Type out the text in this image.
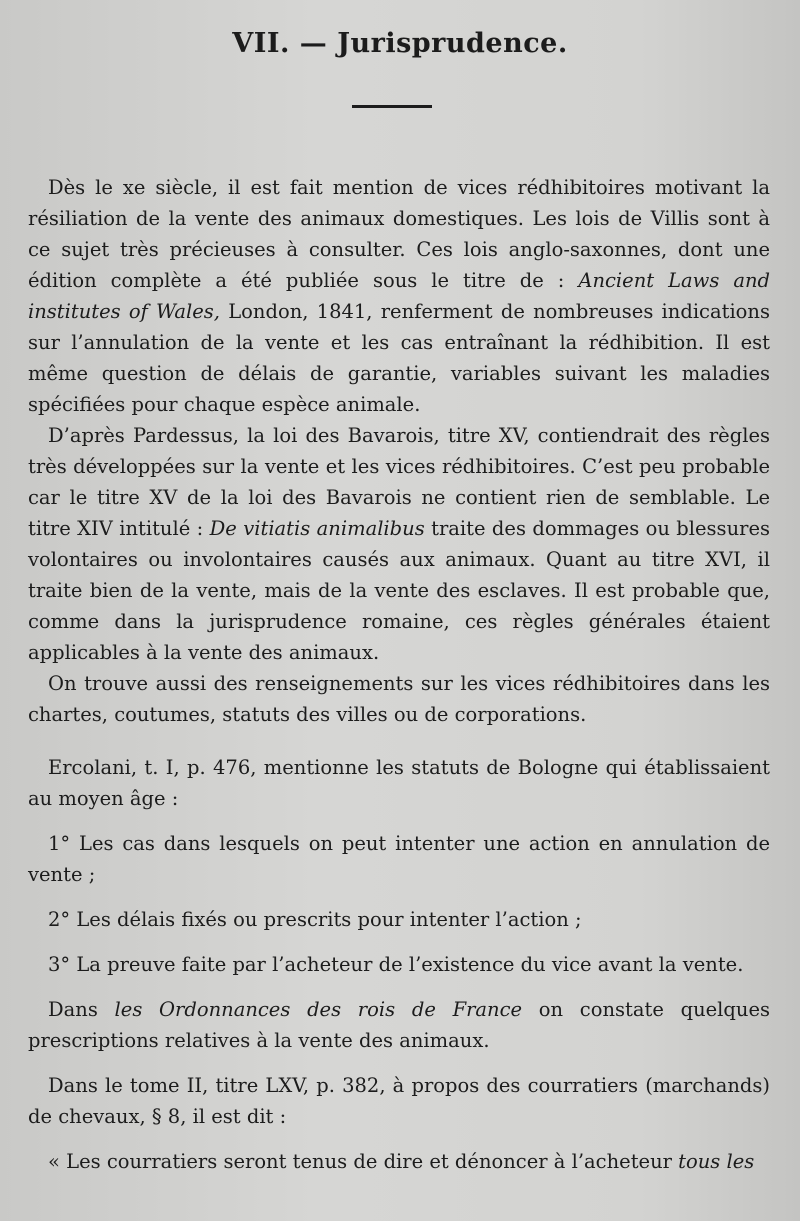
VII. — Jurisprudence.

Dès le xe siècle, il est fait mention de vices rédhibitoires motivant la résiliation de la vente des animaux domestiques. Les lois de Villis sont à ce sujet très précieuses à consulter. Ces lois anglo-saxonnes, dont une édition complète a été publiée sous le titre de : Ancient Laws and institutes of Wales, London, 1841, renferment de nombreuses indications sur l’annulation de la vente et les cas entraînant la rédhibition. Il est même question de délais de garantie, variables suivant les maladies spécifiées pour chaque espèce animale.

D’après Pardessus, la loi des Bavarois, titre XV, contiendrait des règles très développées sur la vente et les vices rédhibitoires. C’est peu probable car le titre XV de la loi des Bavarois ne contient rien de semblable. Le titre XIV intitulé : De vitiatis animalibus traite des dommages ou blessures volontaires ou involontaires causés aux animaux. Quant au titre XVI, il traite bien de la vente, mais de la vente des esclaves. Il est probable que, comme dans la jurisprudence romaine, ces règles générales étaient applicables à la vente des animaux.

On trouve aussi des renseignements sur les vices rédhibitoires dans les chartes, coutumes, statuts des villes ou de corporations.

Ercolani, t. I, p. 476, mentionne les statuts de Bologne qui établissaient au moyen âge :

1° Les cas dans lesquels on peut intenter une action en annulation de vente ;

2° Les délais fixés ou prescrits pour intenter l’action ;

3° La preuve faite par l’acheteur de l’existence du vice avant la vente.

Dans les Ordonnances des rois de France on constate quelques prescriptions relatives à la vente des animaux.

Dans le tome II, titre LXV, p. 382, à propos des courratiers (marchands) de chevaux, § 8, il est dit :

« Les courratiers seront tenus de dire et dénoncer à l’acheteur tous les
